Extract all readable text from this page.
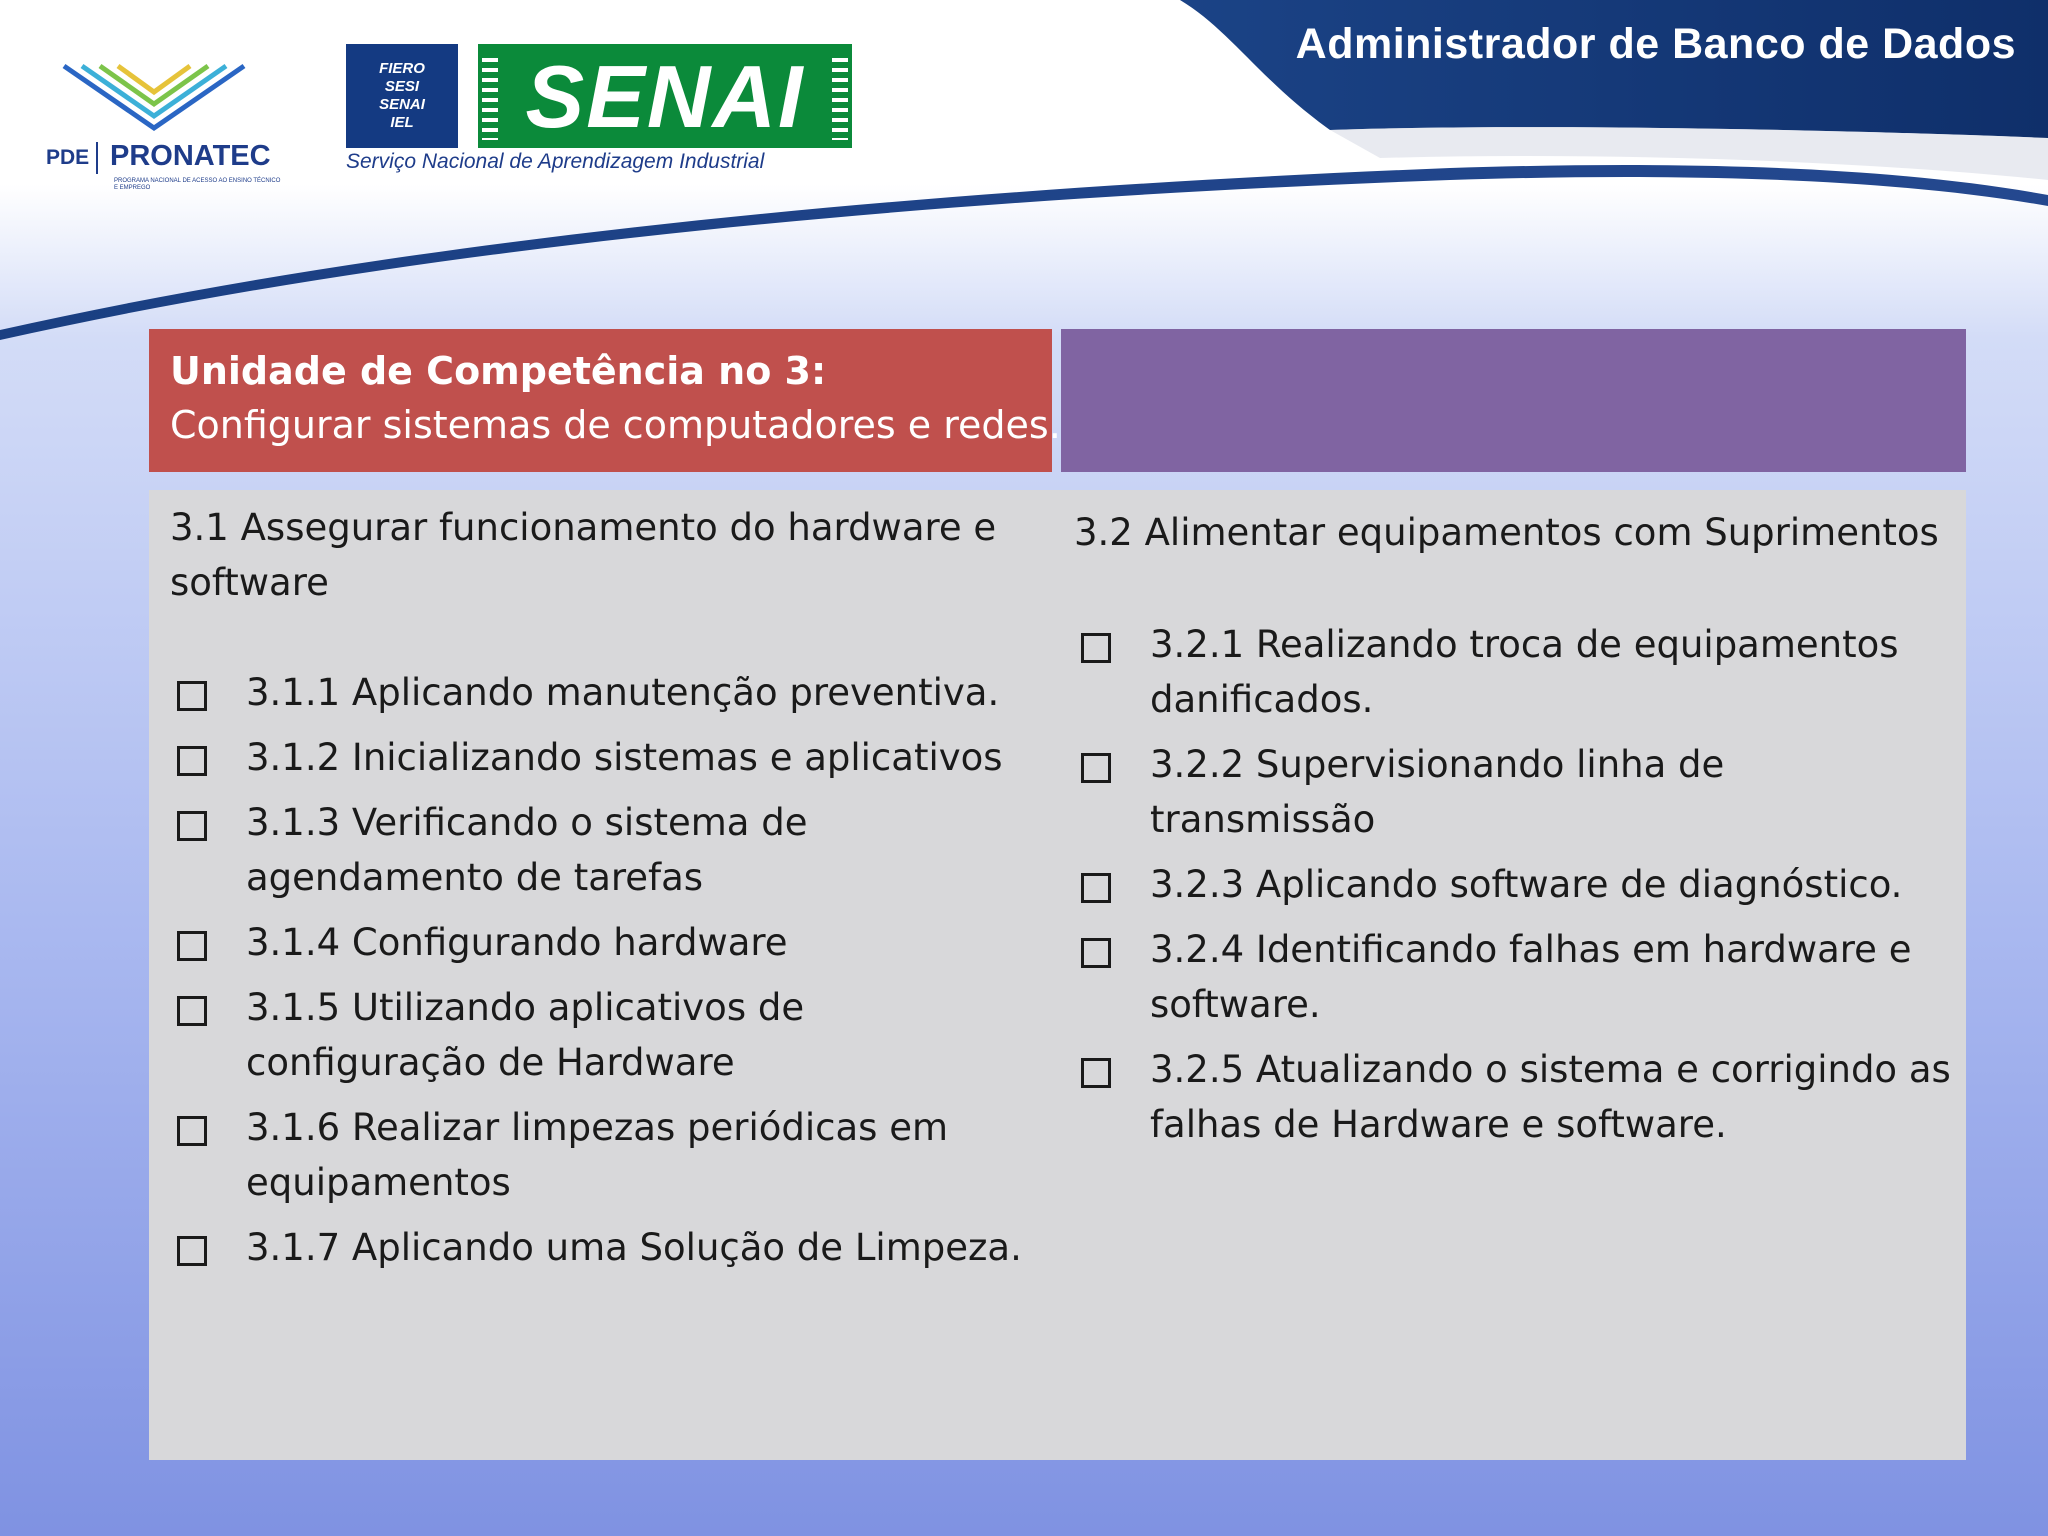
Administrador de Banco de Dados
PDE PRONATEC
PROGRAMA NACIONAL DE ACESSO AO ENSINO TÉCNICO E EMPREGO
FIERO
SESI
SENAI
IEL	SENAI
Serviço Nacional de Aprendizagem Industrial
Unidade de Competência no 3:
Configurar sistemas de computadores e redes.
3.1 Assegurar funcionamento do hardware e software
3.1.1 Aplicando manutenção preventiva.
3.1.2 Inicializando sistemas e aplicativos
3.1.3 Verificando o sistema de agendamento de tarefas
3.1.4 Configurando hardware
3.1.5 Utilizando aplicativos de configuração de Hardware
3.1.6 Realizar limpezas periódicas em equipamentos
3.1.7 Aplicando uma Solução de Limpeza.
3.2 Alimentar equipamentos com Suprimentos
3.2.1 Realizando troca de equipamentos danificados.
3.2.2 Supervisionando linha de transmissão
3.2.3 Aplicando software de diagnóstico.
3.2.4 Identificando falhas em hardware e software.
3.2.5 Atualizando o sistema e corrigindo as falhas de Hardware e software.
